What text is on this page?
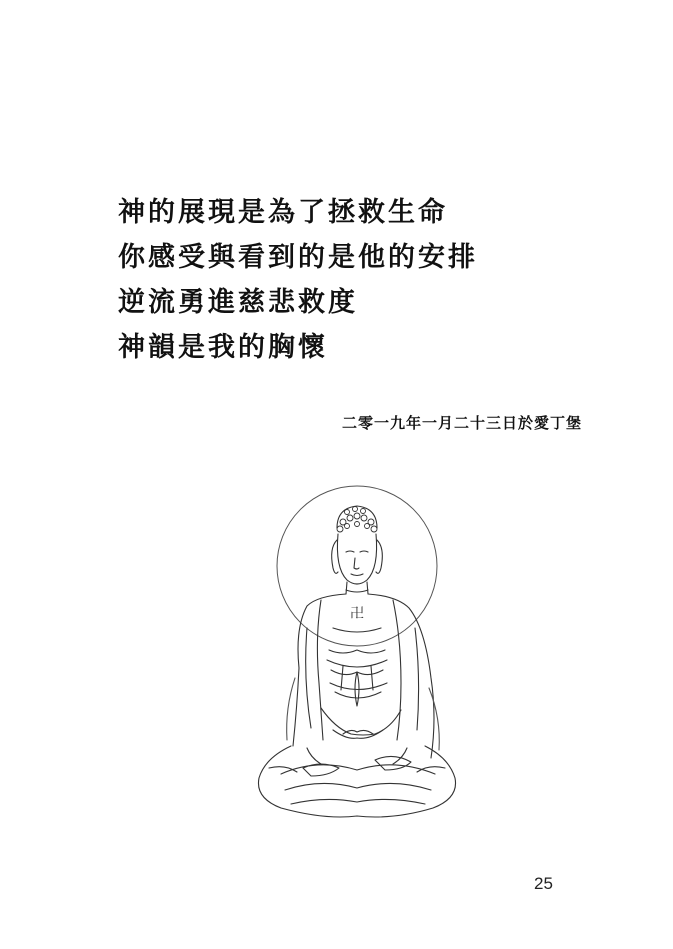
神的展現是為了拯救生命
你感受與看到的是他的安排
逆流勇進慈悲救度
神韻是我的胸懷
二零一九年一月二十三日於愛丁堡
卍
25
